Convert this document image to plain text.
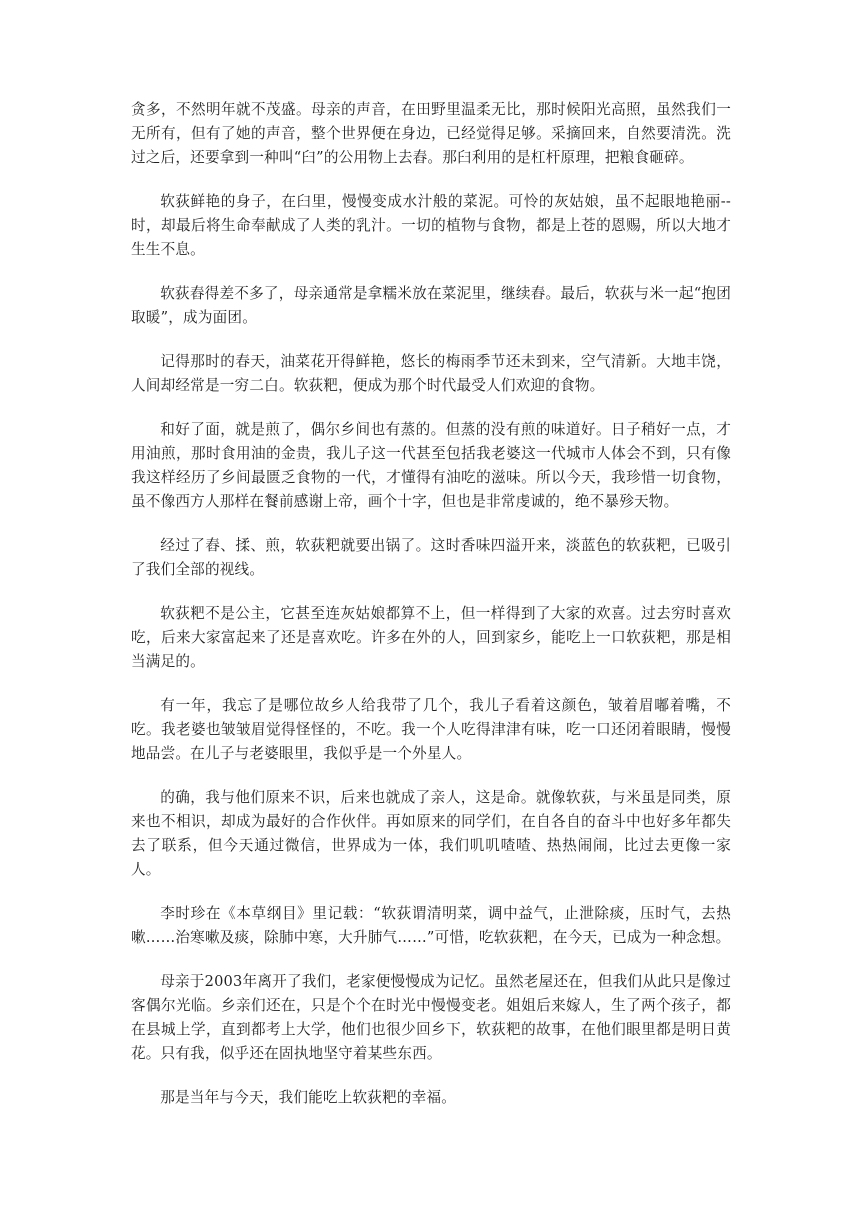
贪多，不然明年就不茂盛。母亲的声音，在田野里温柔无比，那时候阳光高照，虽然我们一无所有，但有了她的声音，整个世界便在身边，已经觉得足够。采摘回来，自然要清洗。洗过之后，还要拿到一种叫“臼”的公用物上去舂。那臼利用的是杠杆原理，把粮食砸碎。

软荻鲜艳的身子，在臼里，慢慢变成水汁般的菜泥。可怜的灰姑娘，虽不起眼地艳丽--时，却最后将生命奉献成了人类的乳汁。一切的植物与食物，都是上苍的恩赐，所以大地才生生不息。

软荻舂得差不多了，母亲通常是拿糯米放在菜泥里，继续舂。最后，软荻与米一起“抱团取暖”，成为面团。

记得那时的春天，油菜花开得鲜艳，悠长的梅雨季节还未到来，空气清新。大地丰饶，人间却经常是一穷二白。软荻粑，便成为那个时代最受人们欢迎的食物。

和好了面，就是煎了，偶尔乡间也有蒸的。但蒸的没有煎的味道好。日子稍好一点，才用油煎，那时食用油的金贵，我儿子这一代甚至包括我老婆这一代城市人体会不到，只有像我这样经历了乡间最匮乏食物的一代，才懂得有油吃的滋味。所以今天，我珍惜一切食物，虽不像西方人那样在餐前感谢上帝，画个十字，但也是非常虔诚的，绝不暴殄天物。

经过了舂、揉、煎，软荻粑就要出锅了。这时香味四溢开来，淡蓝色的软荻粑，已吸引了我们全部的视线。

软荻粑不是公主，它甚至连灰姑娘都算不上，但一样得到了大家的欢喜。过去穷时喜欢吃，后来大家富起来了还是喜欢吃。许多在外的人，回到家乡，能吃上一口软荻粑，那是相当满足的。

有一年，我忘了是哪位故乡人给我带了几个，我儿子看着这颜色，皱着眉嘟着嘴，不吃。我老婆也皱皱眉觉得怪怪的，不吃。我一个人吃得津津有味，吃一口还闭着眼睛，慢慢地品尝。在儿子与老婆眼里，我似乎是一个外星人。

的确，我与他们原来不识，后来也就成了亲人，这是命。就像软荻，与米虽是同类，原来也不相识，却成为最好的合作伙伴。再如原来的同学们，在自各自的奋斗中也好多年都失去了联系，但今天通过微信，世界成为一体，我们叽叽喳喳、热热闹闹，比过去更像一家人。

李时珍在《本草纲目》里记载：“软荻谓清明菜，调中益气，止泄除痰，压时气，去热嗽……治寒嗽及痰，除肺中寒，大升肺气……”可惜，吃软荻粑，在今天，已成为一种念想。

母亲于2003年离开了我们，老家便慢慢成为记忆。虽然老屋还在，但我们从此只是像过客偶尔光临。乡亲们还在，只是个个在时光中慢慢变老。姐姐后来嫁人，生了两个孩子，都在县城上学，直到都考上大学，他们也很少回乡下，软荻粑的故事，在他们眼里都是明日黄花。只有我，似乎还在固执地坚守着某些东西。

那是当年与今天，我们能吃上软荻粑的幸福。
